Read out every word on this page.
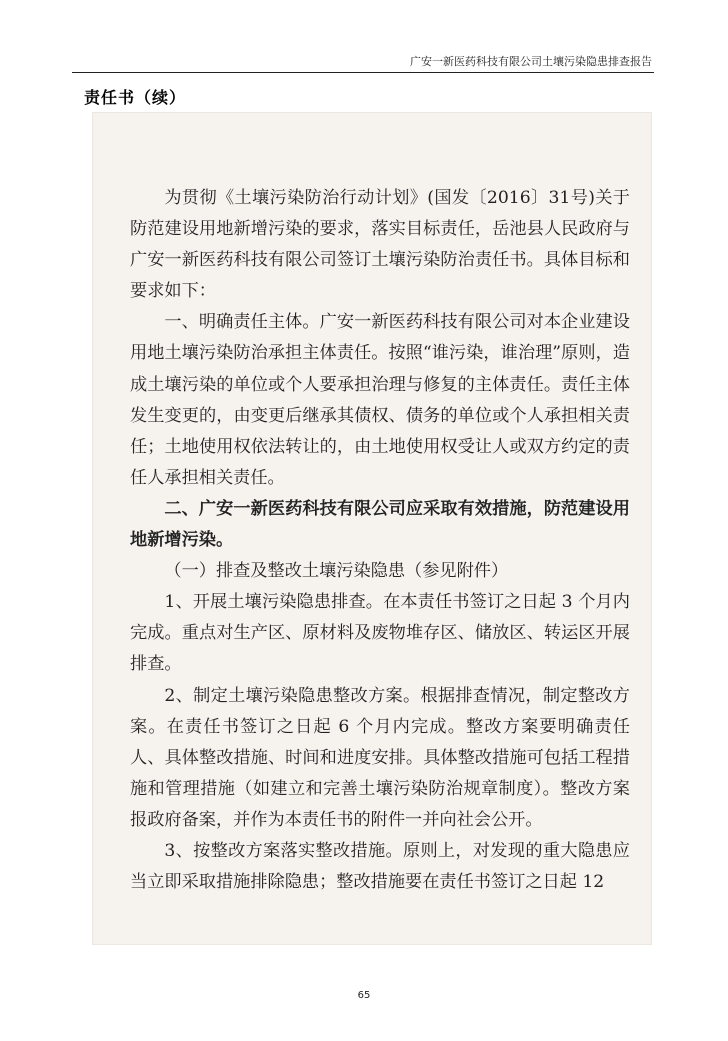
广安一新医药科技有限公司土壤污染隐患排查报告
责任书（续）

为贯彻《土壤污染防治行动计划》(国发〔2016〕31号)关于防范建设用地新增污染的要求，落实目标责任，岳池县人民政府与广安一新医药科技有限公司签订土壤污染防治责任书。具体目标和要求如下：

一、明确责任主体。广安一新医药科技有限公司对本企业建设用地土壤污染防治承担主体责任。按照“谁污染，谁治理”原则，造成土壤污染的单位或个人要承担治理与修复的主体责任。责任主体发生变更的，由变更后继承其债权、债务的单位或个人承担相关责任；土地使用权依法转让的，由土地使用权受让人或双方约定的责任人承担相关责任。

二、广安一新医药科技有限公司应采取有效措施，防范建设用地新增污染。

（一）排查及整改土壤污染隐患（参见附件）

1、开展土壤污染隐患排查。在本责任书签订之日起 3 个月内完成。重点对生产区、原材料及废物堆存区、储放区、转运区开展排查。

2、制定土壤污染隐患整改方案。根据排查情况，制定整改方案。在责任书签订之日起 6 个月内完成。整改方案要明确责任人、具体整改措施、时间和进度安排。具体整改措施可包括工程措施和管理措施（如建立和完善土壤污染防治规章制度）。整改方案报政府备案，并作为本责任书的附件一并向社会公开。

3、按整改方案落实整改措施。原则上，对发现的重大隐患应当立即采取措施排除隐患；整改措施要在责任书签订之日起 12

65
